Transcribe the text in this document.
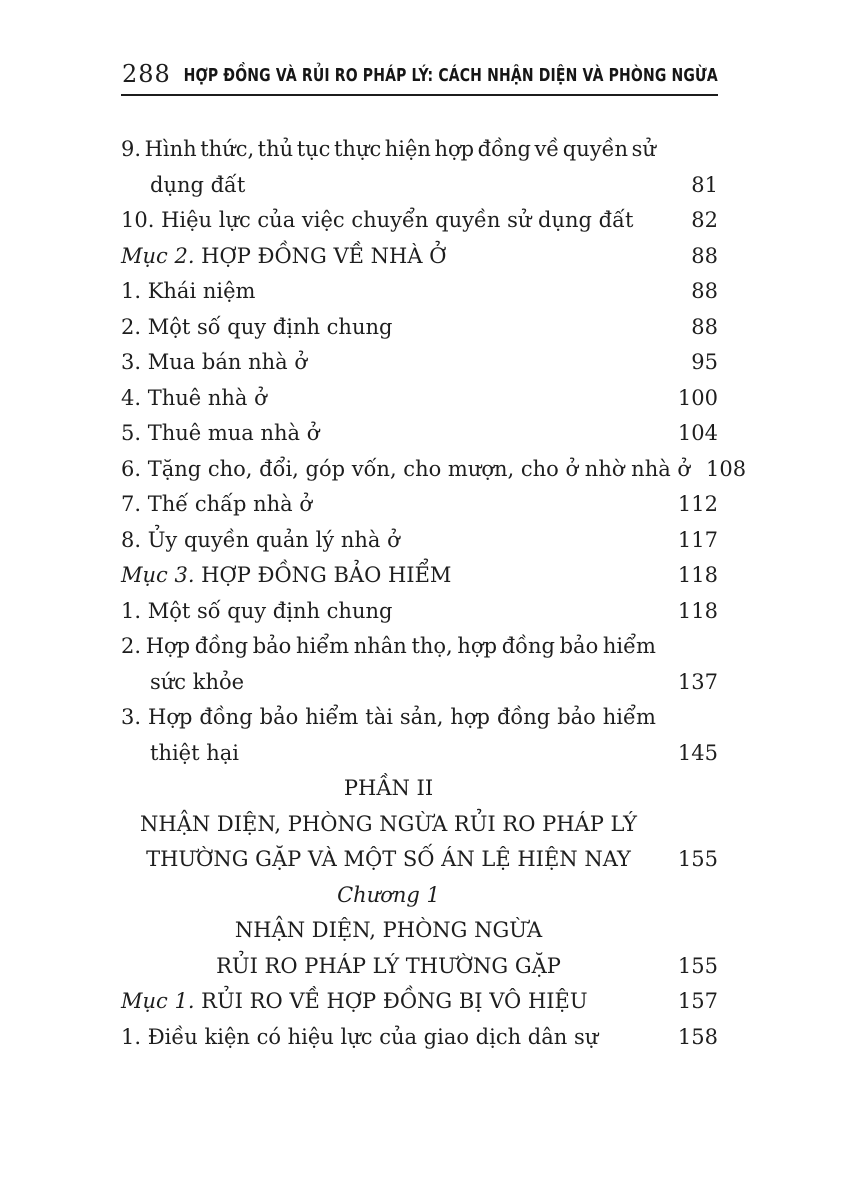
288 HỢP ĐỒNG VÀ RỦI RO PHÁP LÝ: CÁCH NHẬN DIỆN VÀ PHÒNG NGỪA
9. Hình thức, thủ tục thực hiện hợp đồng về quyền sử
dụng đất	81
10. Hiệu lực của việc chuyển quyền sử dụng đất	82
Mục 2. HỢP ĐỒNG VỀ NHÀ Ở	88
1. Khái niệm	88
2. Một số quy định chung	88
3. Mua bán nhà ở	95
4. Thuê nhà ở	100
5. Thuê mua nhà ở	104
6. Tặng cho, đổi, góp vốn, cho mượn, cho ở nhờ nhà ở 108
7. Thế chấp nhà ở	112
8. Ủy quyền quản lý nhà ở	117
Mục 3. HỢP ĐỒNG BẢO HIỂM	118
1. Một số quy định chung	118
2. Hợp đồng bảo hiểm nhân thọ, hợp đồng bảo hiểm
sức khỏe	137
3. Hợp đồng bảo hiểm tài sản, hợp đồng bảo hiểm
thiệt hại	145
PHẦN II
NHẬN DIỆN, PHÒNG NGỪA RỦI RO PHÁP LÝ
THƯỜNG GẶP VÀ MỘT SỐ ÁN LỆ HIỆN NAY	155
Chương 1
NHẬN DIỆN, PHÒNG NGỪA
RỦI RO PHÁP LÝ THƯỜNG GẶP	155
Mục 1. RỦI RO VỀ HỢP ĐỒNG BỊ VÔ HIỆU	157
1. Điều kiện có hiệu lực của giao dịch dân sự	158
